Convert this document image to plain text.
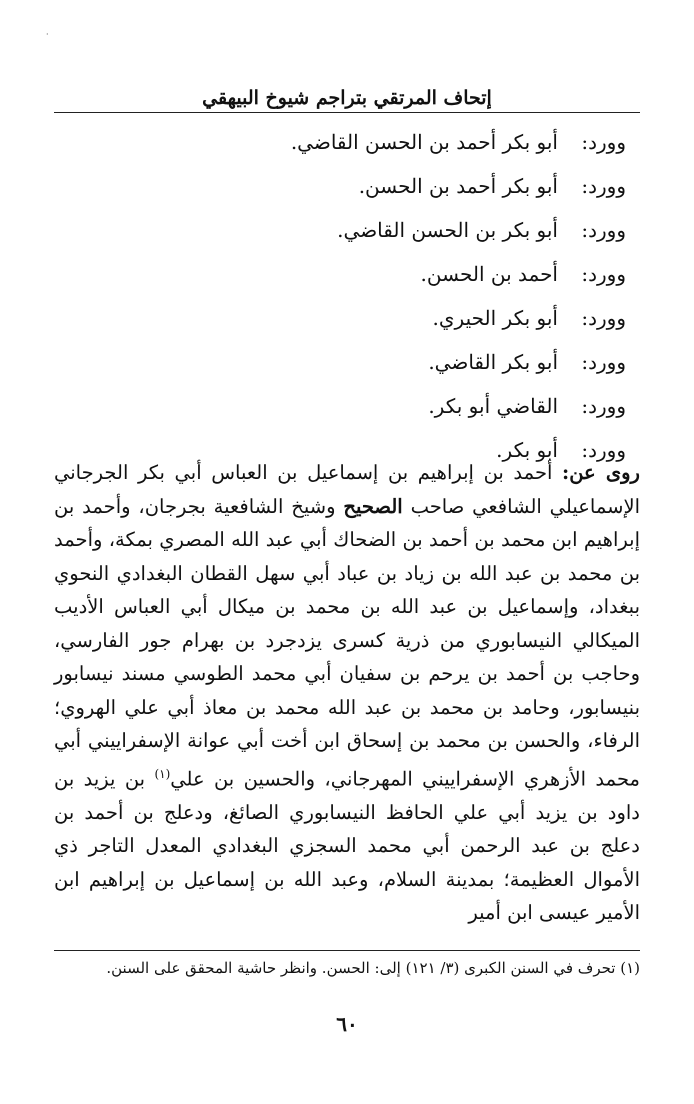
·
إتحاف المرتقي بتراجم شيوخ البيهقي
وورد:أبو بكر أحمد بن الحسن القاضي.
وورد:أبو بكر أحمد بن الحسن.
وورد:أبو بكر بن الحسن القاضي.
وورد:أحمد بن الحسن.
وورد:أبو بكر الحيري.
وورد:أبو بكر القاضي.
وورد:القاضي أبو بكر.
وورد:أبو بكر.
روى عن: أحمد بن إبراهيم بن إسماعيل بن العباس أبي بكر الجرجاني الإسماعيلي الشافعي صاحب الصحيح وشيخ الشافعية بجرجان، وأحمد بن إبراهيم ابن محمد بن أحمد بن الضحاك أبي عبد الله المصري بمكة، وأحمد بن محمد بن عبد الله بن زياد بن عباد أبي سهل القطان البغدادي النحوي ببغداد، وإسماعيل بن عبد الله بن محمد بن ميكال أبي العباس الأديب الميكالي النيسابوري من ذرية كسرى يزدجرد بن بهرام جور الفارسي، وحاجب بن أحمد بن يرحم بن سفيان أبي محمد الطوسي مسند نيسابور بنيسابور، وحامد بن محمد بن عبد الله محمد بن معاذ أبي علي الهروي؛ الرفاء، والحسن بن محمد بن إسحاق ابن أخت أبي عوانة الإسفراييني أبي محمد الأزهري الإسفراييني المهرجاني، والحسين بن علي$^{(١)}$ بن يزيد بن داود بن يزيد أبي علي الحافظ النيسابوري الصائغ، ودعلج بن أحمد بن دعلج بن عبد الرحمن أبي محمد السجزي البغدادي المعدل التاجر ذي الأموال العظيمة؛ بمدينة السلام، وعبد الله بن إسماعيل بن إبراهيم ابن الأمير عيسى ابن أمير
(١) تحرف في السنن الكبرى (٣/ ١٢١) إلى: الحسن. وانظر حاشية المحقق على السنن.
٦٠
